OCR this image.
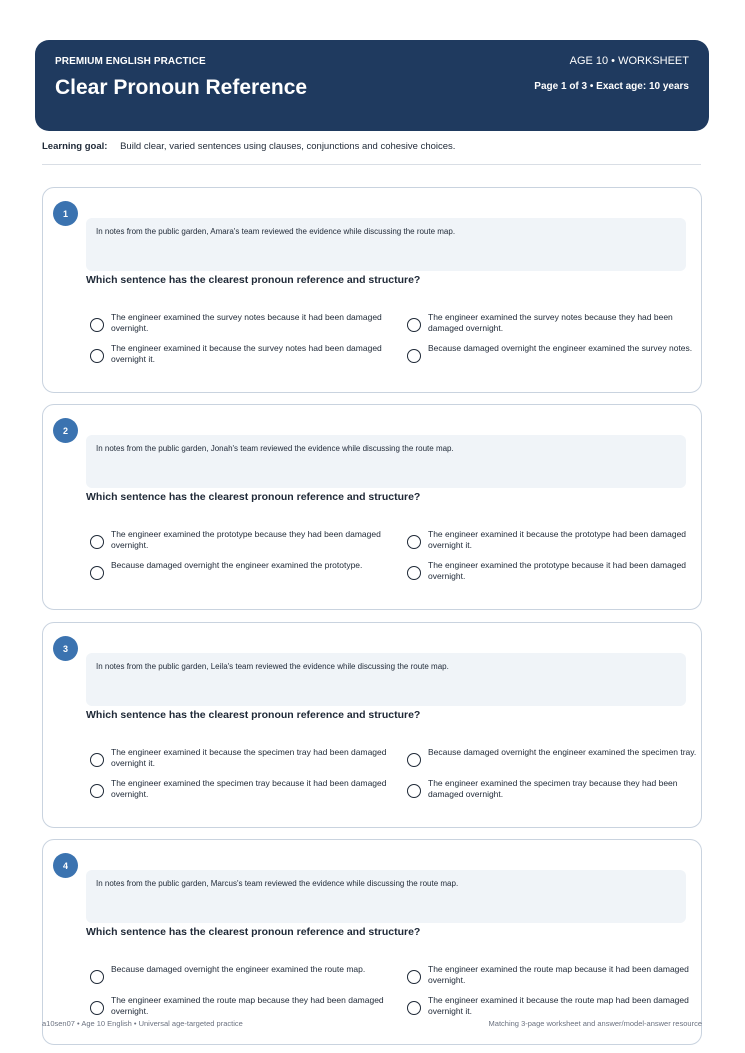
PREMIUM ENGLISH PRACTICE
Clear Pronoun Reference
AGE 10 • WORKSHEET
Page 1 of 3 • Exact age: 10 years
Learning goal: Build clear, varied sentences using clauses, conjunctions and cohesive choices.
1
In notes from the public garden, Amara's team reviewed the evidence while discussing the route map.
Which sentence has the clearest pronoun reference and structure?
The engineer examined the survey notes because it had been damaged overnight.
The engineer examined the survey notes because they had been damaged overnight.
The engineer examined it because the survey notes had been damaged overnight it.
Because damaged overnight the engineer examined the survey notes.
2
In notes from the public garden, Jonah's team reviewed the evidence while discussing the route map.
Which sentence has the clearest pronoun reference and structure?
The engineer examined the prototype because they had been damaged overnight.
The engineer examined it because the prototype had been damaged overnight it.
Because damaged overnight the engineer examined the prototype.	The engineer examined the prototype because it had been damaged overnight.
3
In notes from the public garden, Leila's team reviewed the evidence while discussing the route map.
Which sentence has the clearest pronoun reference and structure?
The engineer examined it because the specimen tray had been damaged overnight it.
Because damaged overnight the engineer examined the specimen tray.
The engineer examined the specimen tray because it had been damaged overnight.
The engineer examined the specimen tray because they had been damaged overnight.
4
In notes from the public garden, Marcus's team reviewed the evidence while discussing the route map.
Which sentence has the clearest pronoun reference and structure?
Because damaged overnight the engineer examined the route map.	The engineer examined the route map because it had been damaged overnight.
The engineer examined the route map because they had been damaged overnight.
The engineer examined it because the route map had been damaged overnight it.
a10sen07 • Age 10 English • Universal age-targeted practice	Matching 3-page worksheet and answer/model-answer resource
